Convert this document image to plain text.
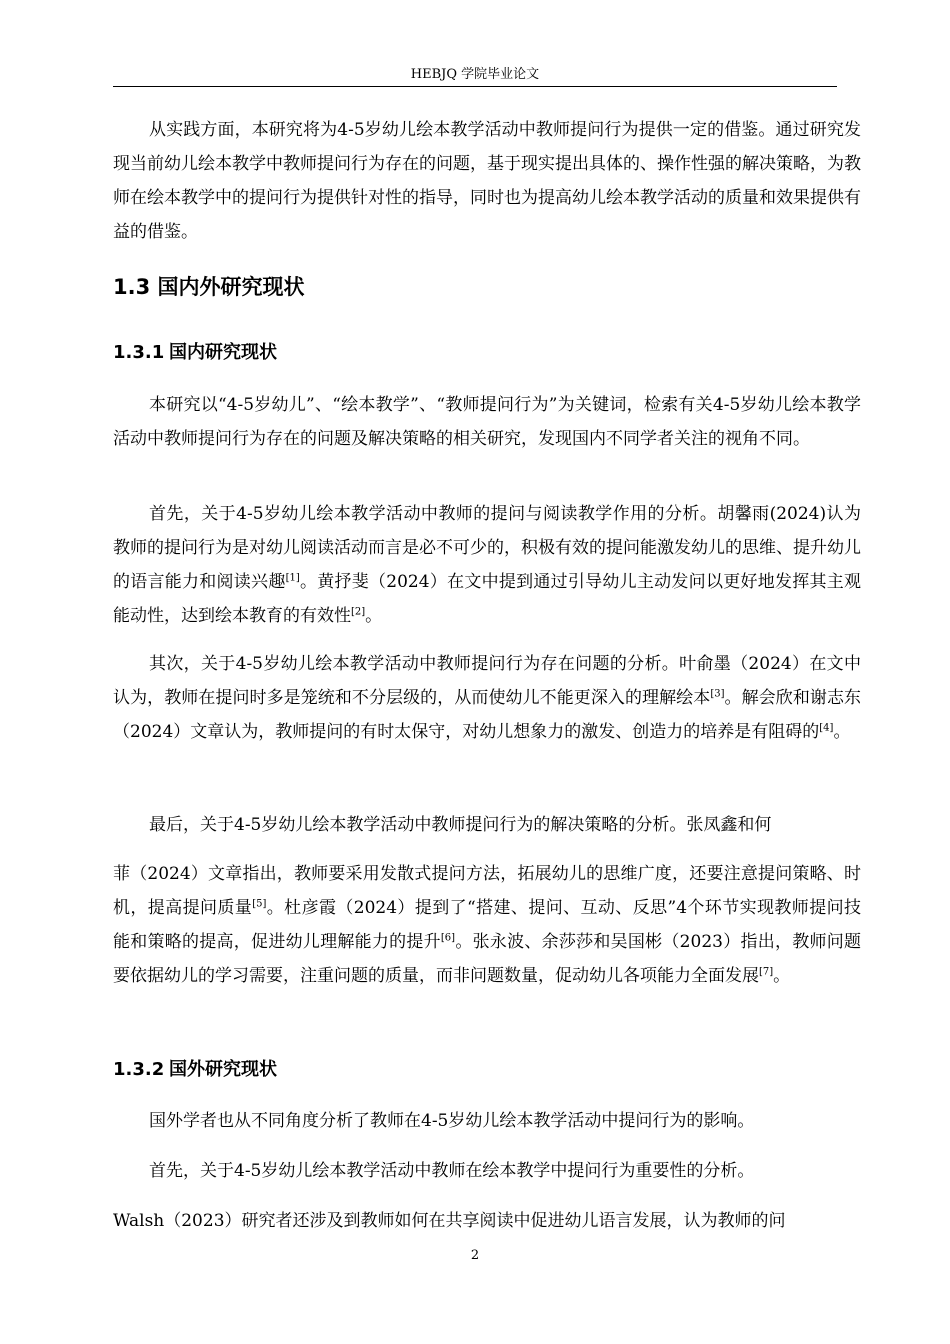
HEBJQ 学院毕业论文

从实践方面，本研究将为4-5岁幼儿绘本教学活动中教师提问行为提供一定的借鉴。通过研究发现当前幼儿绘本教学中教师提问行为存在的问题，基于现实提出具体的、操作性强的解决策略，为教师在绘本教学中的提问行为提供针对性的指导，同时也为提高幼儿绘本教学活动的质量和效果提供有益的借鉴。

1.3 国内外研究现状
1.3.1 国内研究现状

本研究以“4-5岁幼儿”、“绘本教学”、“教师提问行为”为关键词，检索有关4-5岁幼儿绘本教学活动中教师提问行为存在的问题及解决策略的相关研究，发现国内不同学者关注的视角不同。

首先，关于4-5岁幼儿绘本教学活动中教师的提问与阅读教学作用的分析。胡馨雨(2024)认为教师的提问行为是对幼儿阅读活动而言是必不可少的，积极有效的提问能激发幼儿的思维、提升幼儿的语言能力和阅读兴趣[1]。黄抒斐（2024）在文中提到通过引导幼儿主动发问以更好地发挥其主观能动性，达到绘本教育的有效性[2]。

其次，关于4-5岁幼儿绘本教学活动中教师提问行为存在问题的分析。叶俞墨（2024）在文中认为，教师在提问时多是笼统和不分层级的，从而使幼儿不能更深入的理解绘本[3]。解会欣和谢志东（2024）文章认为，教师提问的有时太保守，对幼儿想象力的激发、创造力的培养是有阻碍的[4]。

最后，关于4-5岁幼儿绘本教学活动中教师提问行为的解决策略的分析。张凤鑫和何

菲（2024）文章指出，教师要采用发散式提问方法，拓展幼儿的思维广度，还要注意提问策略、时机，提高提问质量[5]。杜彦霞（2024）提到了“搭建、提问、互动、反思”4个环节实现教师提问技能和策略的提高，促进幼儿理解能力的提升[6]。张永波、余莎莎和吴国彬（2023）指出，教师问题要依据幼儿的学习需要，注重问题的质量，而非问题数量，促动幼儿各项能力全面发展[7]。

1.3.2 国外研究现状

国外学者也从不同角度分析了教师在4-5岁幼儿绘本教学活动中提问行为的影响。

首先，关于4-5岁幼儿绘本教学活动中教师在绘本教学中提问行为重要性的分析。

Walsh（2023）研究者还涉及到教师如何在共享阅读中促进幼儿语言发展，认为教师的问

2
